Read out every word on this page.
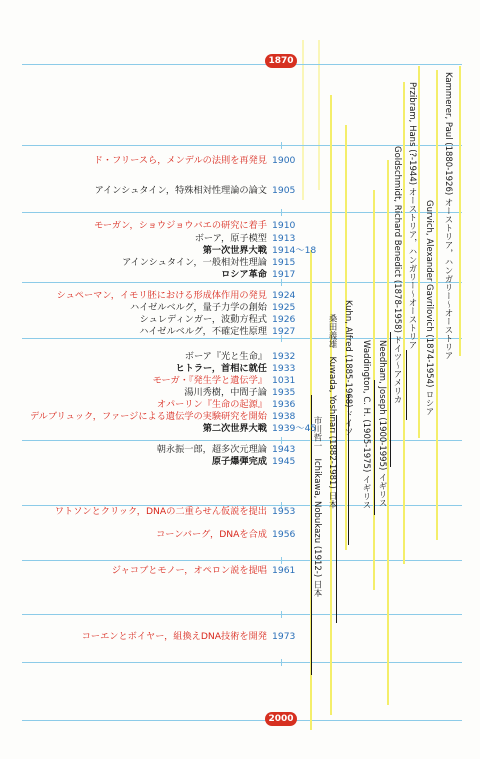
1870
2000
ド・フリースら，メンデルの法則を再発見 1900
アインシュタイン，特殊相対性理論の論文 1905
モーガン，ショウジョウバエの研究に着手 1910
ボーア，原子模型 1913
第一次世界大戦 1914〜18
アインシュタイン，一般相対性理論 1915
ロシア革命 1917
シュペーマン，イモリ胚における形成体作用の発見 1924
ハイゼルベルグ，量子力学の創始 1925
シュレディンガー，波動方程式 1926
ハイゼルベルグ，不確定性原理 1927
ボーア『光と生命』 1932
ヒトラー，首相に就任 1933
モーガ・『発生学と遺伝学』 1031
湯川秀樹，中間子論 1935
オパーリン『生命の起源』 1936
デルブリュック，ファージによる遺伝学の実験研究を開始 1938
第二次世界大戦 1939〜45
朝永振一郎，超多次元理論 1943
原子爆弾完成 1945
ワトソンとクリック，DNAの二重らせん仮説を提出 1953
コーンバーグ，DNAを合成 1956
ジャコブとモノー，オペロン説を提唱 1961
コーエンとボイヤー，組換えDNA技術を開発 1973
Kammerer, Paul (1880-1926) オーストリア，ハンガリー〜オーストリア
Gurvich, Alexander Gavrilovich (1874-1954) ロシア
Przibram, Hans (?-1944) オーストリア，ハンガリー〜オーストリア
Goldschmidt, Richard Benedict (1878-1958) ドイツ〜アメリカ
Needham, Joseph (1900-1995) イギリス
Waddington, C. H. (1905-1975) イギリス
Kuhn, Alfred (1885-1968) ドイツ
桑田義雄　Kuwada, Yoshinari (1882-1981) 日本
市川哲一　Ichikawa, Nobukazu (1912-) 日本
